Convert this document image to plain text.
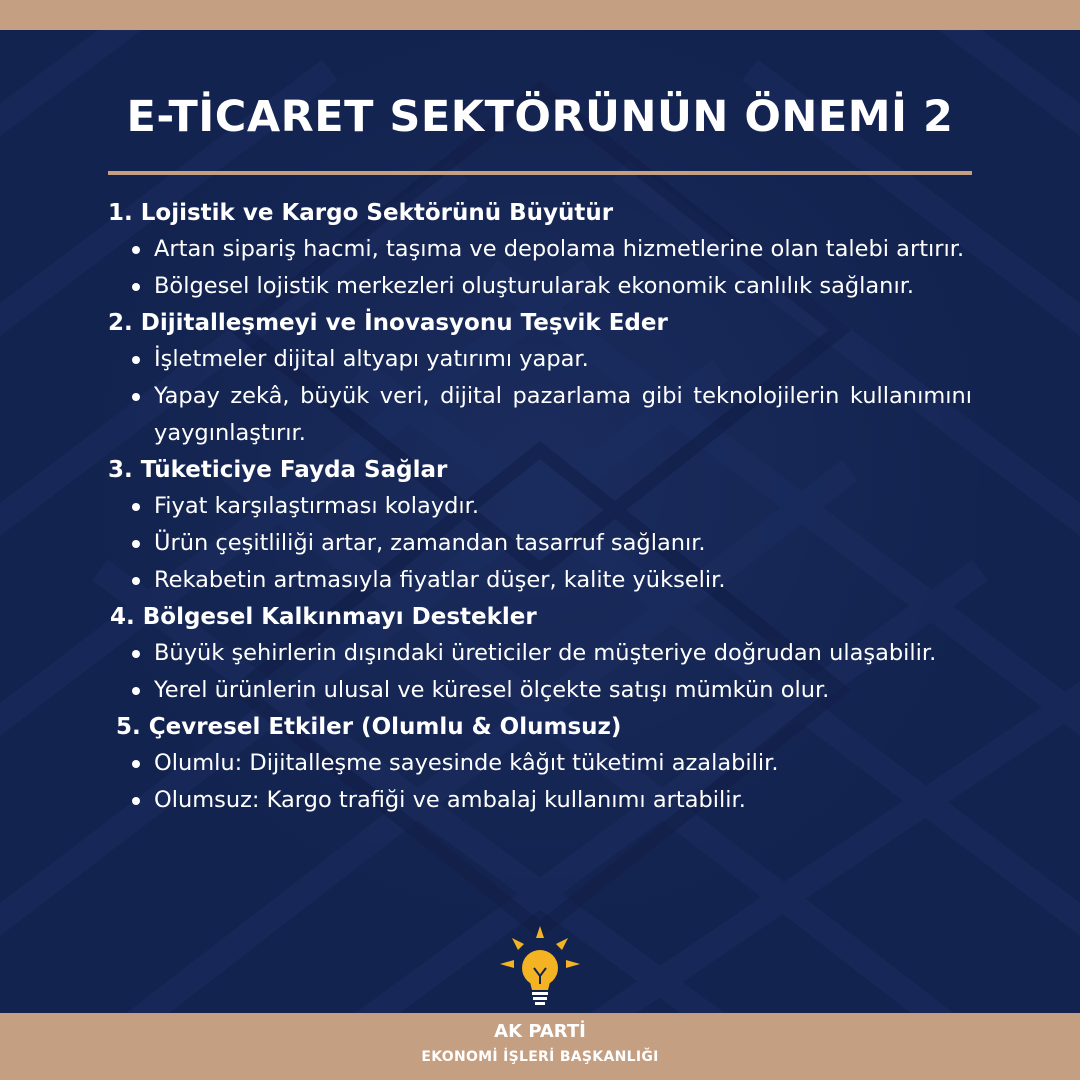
E-TİCARET SEKTÖRÜNÜN ÖNEMİ 2

1. Lojistik ve Kargo Sektörünü Büyütür

Artan sipariş hacmi, taşıma ve depolama hizmetlerine olan talebi artırır.
Bölgesel lojistik merkezleri oluşturularak ekonomik canlılık sağlanır.

2. Dijitalleşmeyi ve İnovasyonu Teşvik Eder

İşletmeler dijital altyapı yatırımı yapar.
Yapay zekâ, büyük veri, dijital pazarlama gibi teknolojilerin kullanımını yaygınlaştırır.

3. Tüketiciye Fayda Sağlar

Fiyat karşılaştırması kolaydır.
Ürün çeşitliliği artar, zamandan tasarruf sağlanır.
Rekabetin artmasıyla fiyatlar düşer, kalite yükselir.

4. Bölgesel Kalkınmayı Destekler

Büyük şehirlerin dışındaki üreticiler de müşteriye doğrudan ulaşabilir.
Yerel ürünlerin ulusal ve küresel ölçekte satışı mümkün olur.

5. Çevresel Etkiler (Olumlu & Olumsuz)

Olumlu: Dijitalleşme sayesinde kâğıt tüketimi azalabilir.
Olumsuz: Kargo trafiği ve ambalaj kullanımı artabilir.
AK PARTİ
EKONOMİ İŞLERİ BAŞKANLIĞI
